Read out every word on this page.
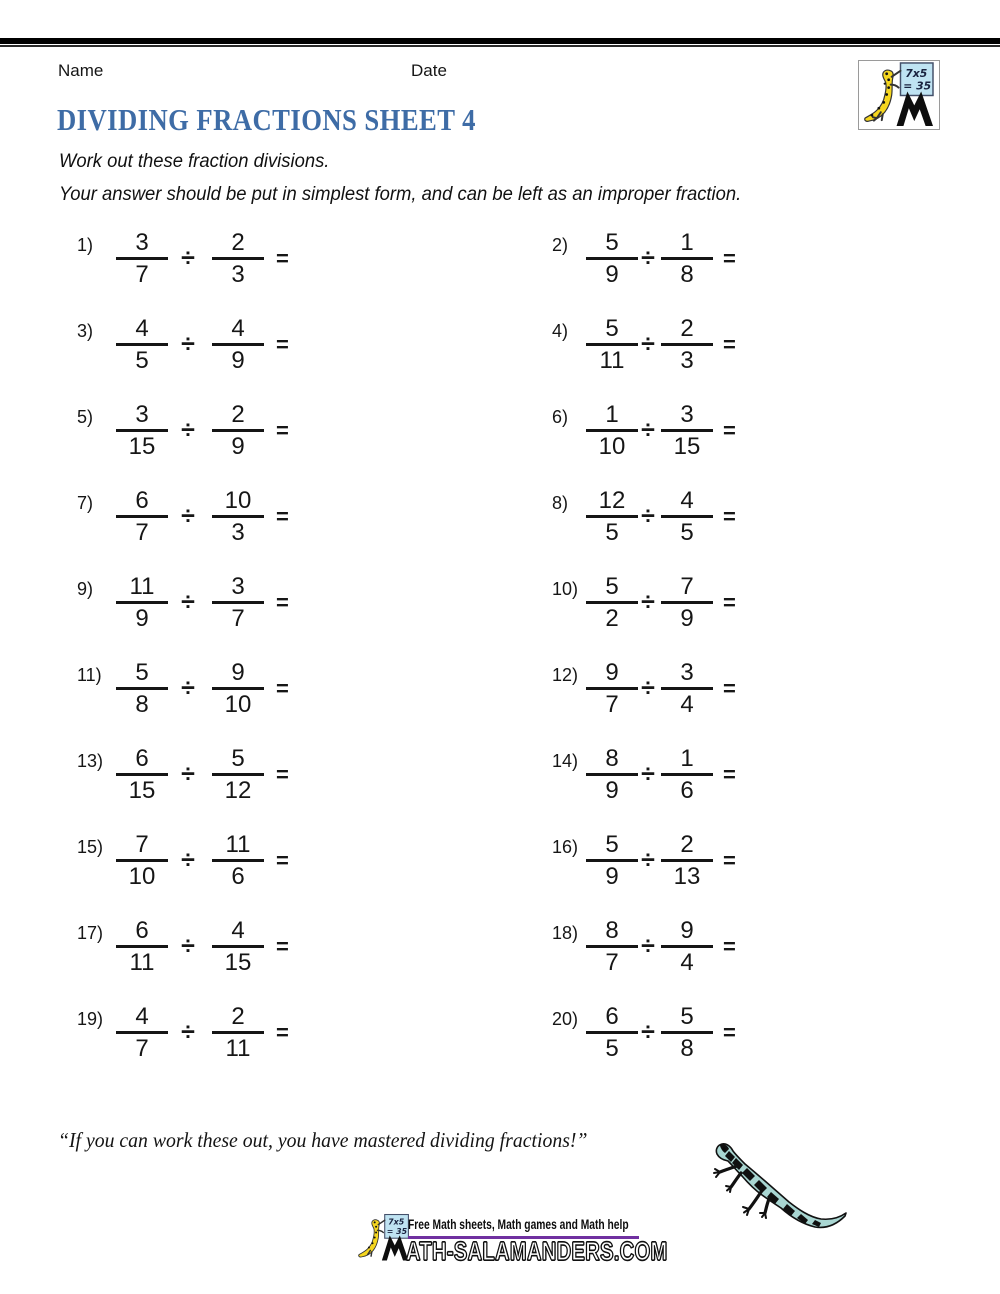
Name	Date	7x5
= 35
DIVIDING FRACTIONS SHEET 4

Work out these fraction divisions.

Your answer should be put in simplest form, and can be left as an improper fraction.

1)	3
7
÷
2
3
=
2)	5
9
÷
1
8
=
3)	4
5
÷
4
9
=
4)	5
11
÷
2
3
=
5)	3
15
÷
2
9
=
6)	1
10
÷
3
15
=
7)	6
7
÷
10
3
=
8)	12
5
÷
4
5
=
9)	11
9
÷
3
7
=
10)	5
2
÷
7
9
=
11)	5
8
÷
9
10
=
12)	9
7
÷
3
4
=
13)	6
15
÷
5
12
=
14)	8
9
÷
1
6
=
15)	7
10
÷
11
6
=
16)	5
9
÷
2
13
=
17)	6
11
÷
4
15
=
18)	8
7
÷
9
4
=
19)	4
7
÷
2
11
=
20)	6
5
÷
5
8
=

“If you can work these out, you have mastered dividing fractions!”

7x5
= 35 Free Math sheets, Math games and Math help
ATH-SALAMANDERS.COM
